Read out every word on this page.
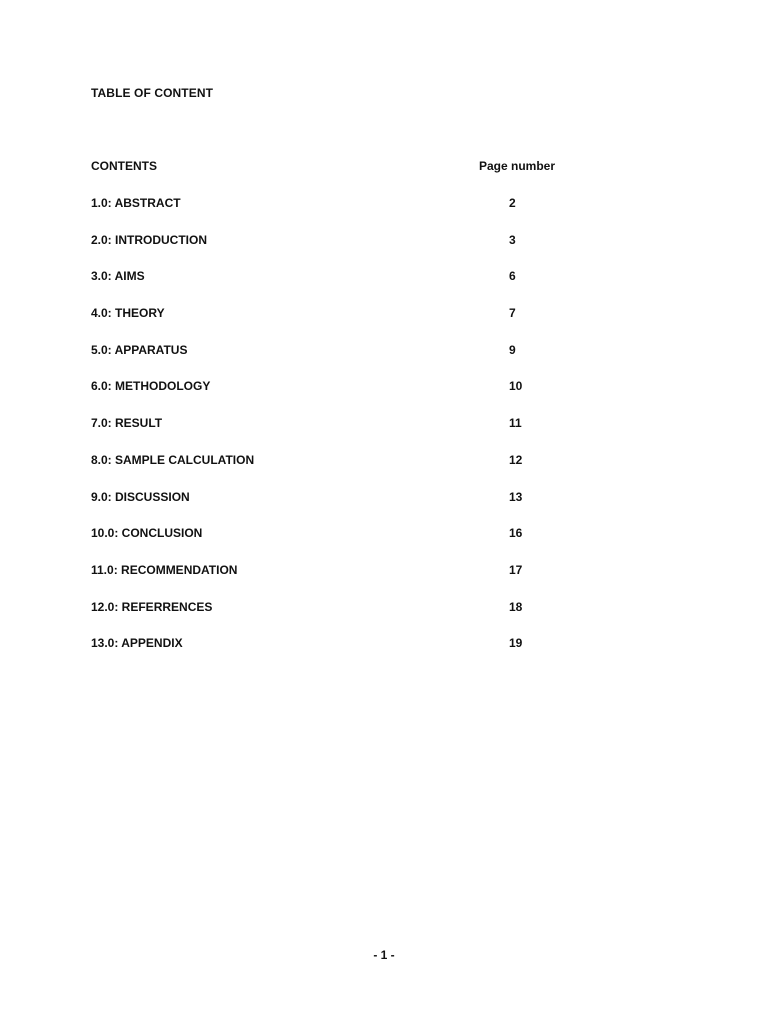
TABLE OF CONTENT
CONTENTS	Page number
1.0: ABSTRACT	2
2.0: INTRODUCTION	3
3.0: AIMS	6
4.0: THEORY	7
5.0: APPARATUS	9
6.0: METHODOLOGY	10
7.0: RESULT	11
8.0: SAMPLE CALCULATION	12
9.0: DISCUSSION	13
10.0: CONCLUSION	16
11.0: RECOMMENDATION	17
12.0: REFERRENCES	18
13.0: APPENDIX	19
- 1 -
